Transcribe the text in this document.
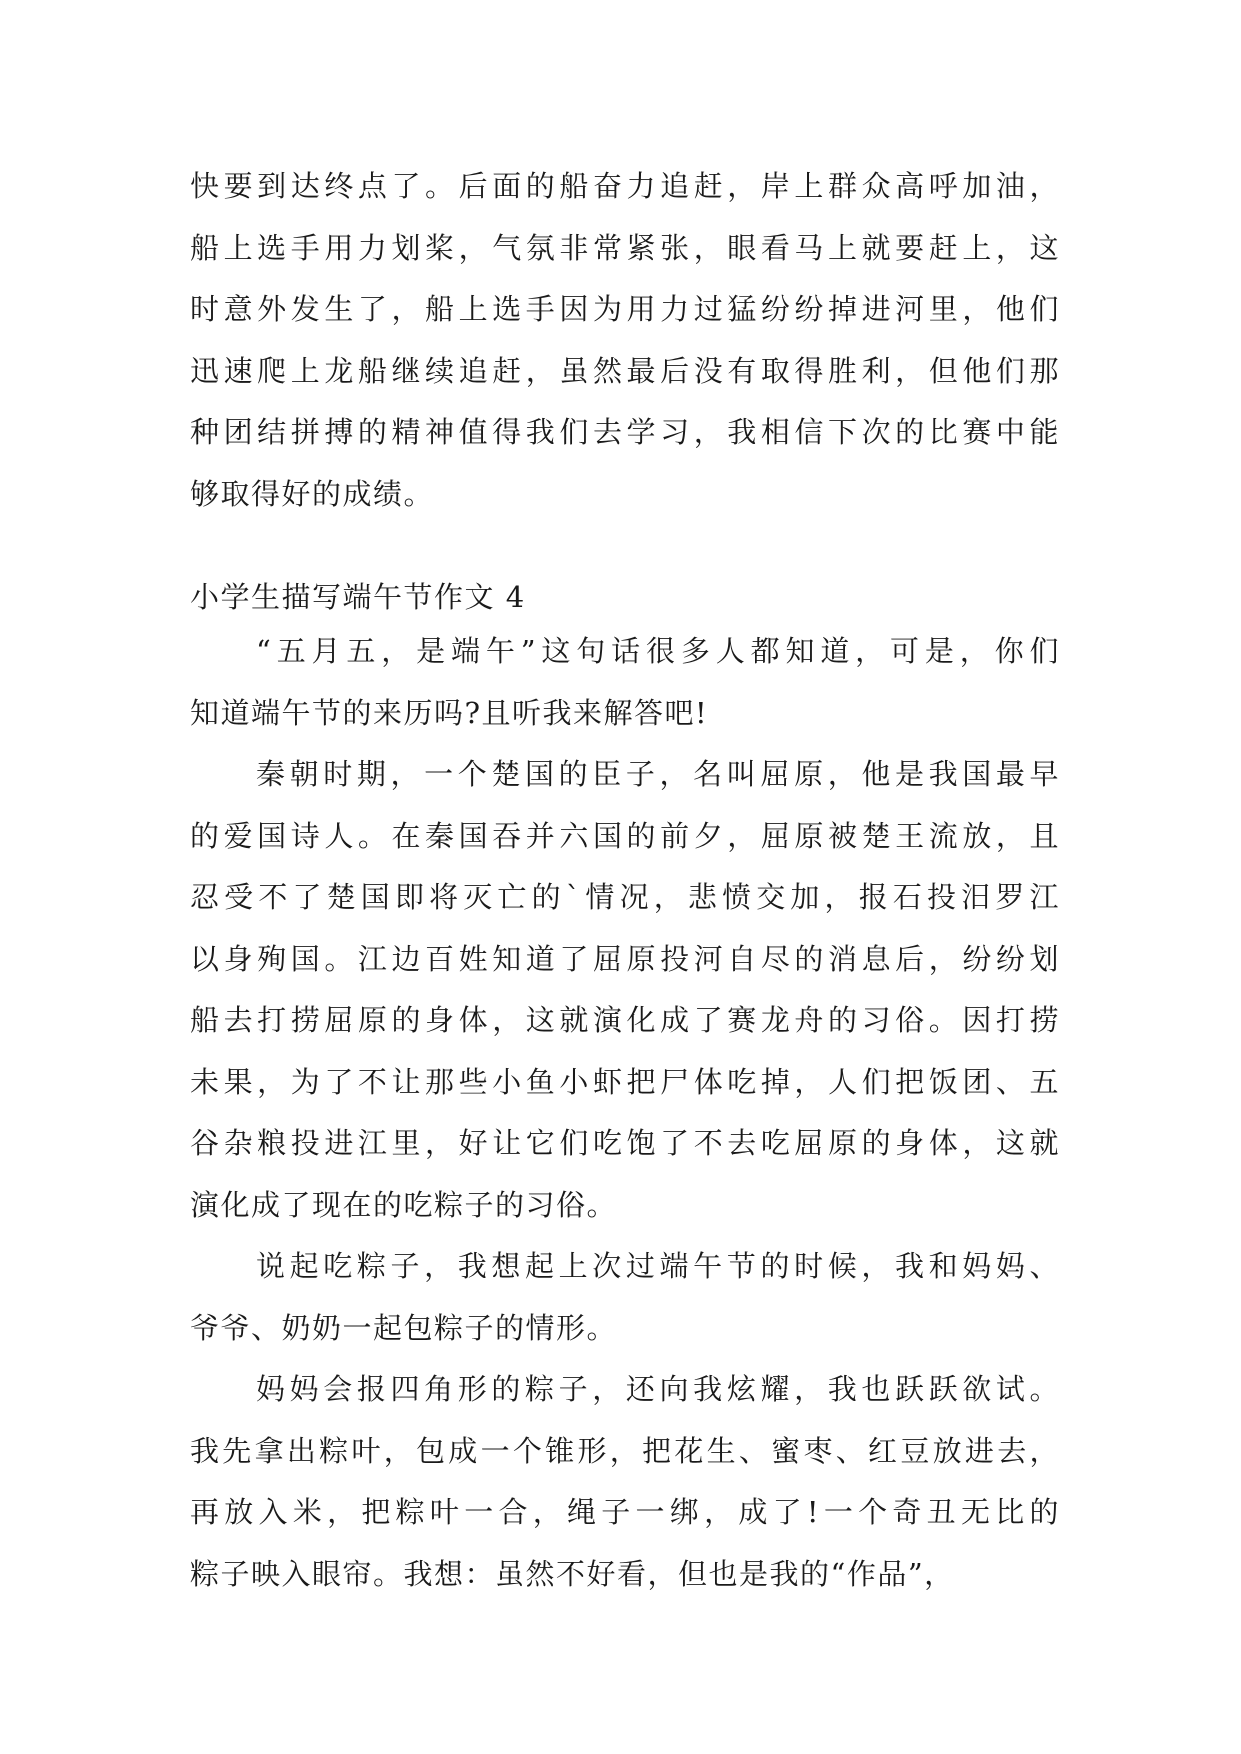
快要到达终点了。后面的船奋力追赶，岸上群众高呼加油，
船上选手用力划桨，气氛非常紧张，眼看马上就要赶上，这
时意外发生了，船上选手因为用力过猛纷纷掉进河里，他们
迅速爬上龙船继续追赶，虽然最后没有取得胜利，但他们那
种团结拼搏的精神值得我们去学习，我相信下次的比赛中能
够取得好的成绩。
小学生描写端午节作文 4
“五月五，是端午”这句话很多人都知道，可是，你们
知道端午节的来历吗?且听我来解答吧!
秦朝时期，一个楚国的臣子，名叫屈原，他是我国最早
的爱国诗人。在秦国吞并六国的前夕，屈原被楚王流放，且
忍受不了楚国即将灭亡的`情况，悲愤交加，报石投汨罗江
以身殉国。江边百姓知道了屈原投河自尽的消息后，纷纷划
船去打捞屈原的身体，这就演化成了赛龙舟的习俗。因打捞
未果，为了不让那些小鱼小虾把尸体吃掉，人们把饭团、五
谷杂粮投进江里，好让它们吃饱了不去吃屈原的身体，这就
演化成了现在的吃粽子的习俗。
说起吃粽子，我想起上次过端午节的时候，我和妈妈、
爷爷、奶奶一起包粽子的情形。
妈妈会报四角形的粽子，还向我炫耀，我也跃跃欲试。
我先拿出粽叶，包成一个锥形，把花生、蜜枣、红豆放进去，
再放入米，把粽叶一合，绳子一绑，成了!一个奇丑无比的
粽子映入眼帘。我想：虽然不好看，但也是我的“作品”，
